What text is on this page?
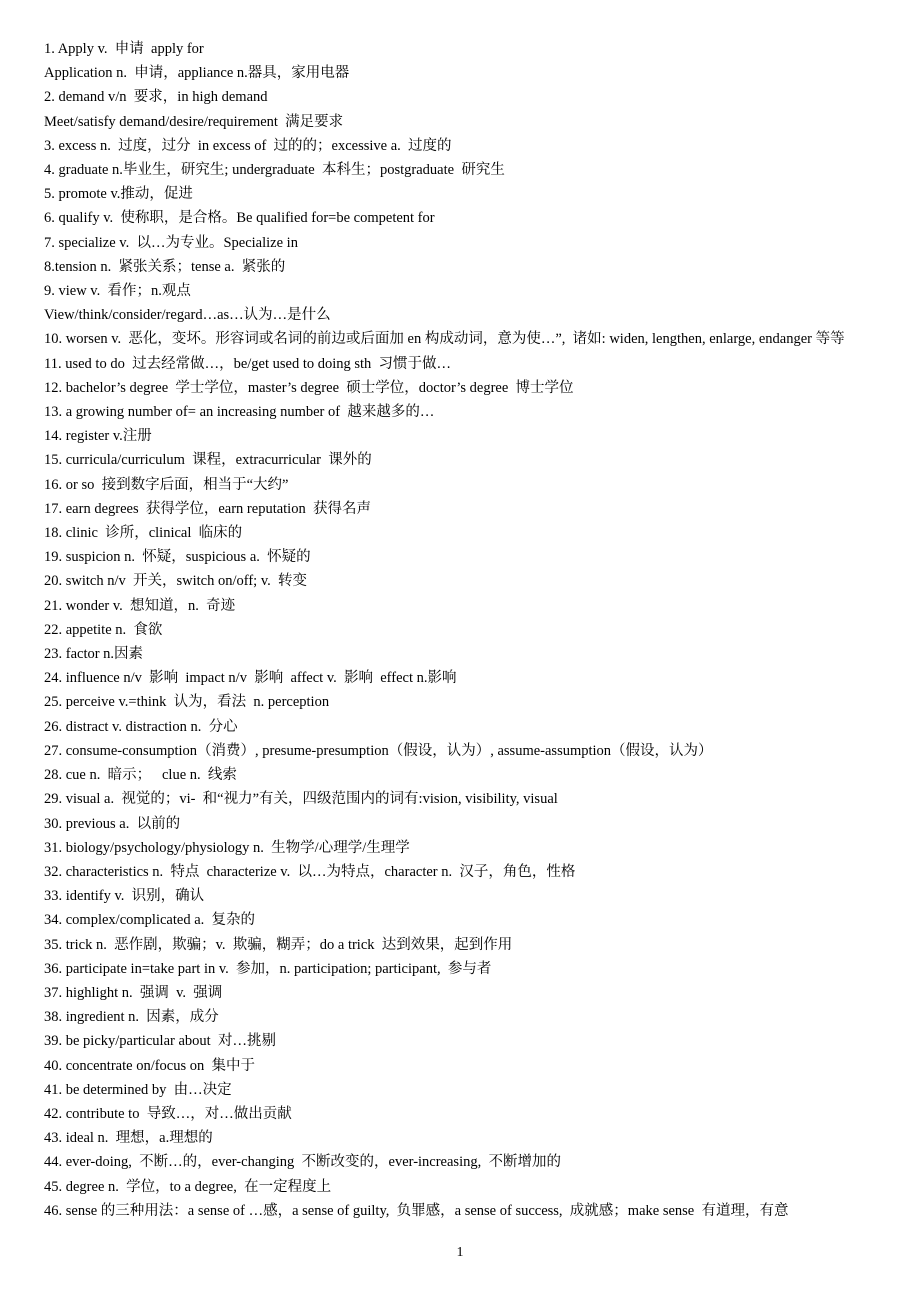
1. Apply v.  申请  apply for

Application n.  申请，appliance n.器具，家用电器

2. demand v/n  要求，in high demand

Meet/satisfy demand/desire/requirement  满足要求

3. excess n.  过度，过分  in excess of  过的的；excessive a.  过度的

4. graduate n.毕业生，研究生; undergraduate  本科生；postgraduate  研究生

5. promote v.推动，促进

6. qualify v.  使称职，是合格。Be qualified for=be competent for

7. specialize v.  以…为专业。Specialize in

8.tension n.  紧张关系；tense a.  紧张的

9. view v.  看作；n.观点

View/think/consider/regard…as…认为…是什么

10. worsen v.  恶化，变坏。形容词或名词的前边或后面加 en 构成动词，意为使…”,  诸如: widen, lengthen, enlarge, endanger 等等

11. used to do  过去经常做…，be/get used to doing sth  习惯于做…

12. bachelor’s degree  学士学位，master’s degree  硕士学位，doctor’s degree  博士学位

13. a growing number of= an increasing number of  越来越多的…

14. register v.注册

15. curricula/curriculum  课程，extracurricular  课外的

16. or so  接到数字后面，相当于“大约”

17. earn degrees  获得学位，earn reputation  获得名声

18. clinic  诊所，clinical  临床的

19. suspicion n.  怀疑，suspicious a.  怀疑的

20. switch n/v  开关，switch on/off; v.  转变

21. wonder v.  想知道，n.  奇迹

22. appetite n.  食欲

23. factor n.因素

24. influence n/v  影响  impact n/v  影响  affect v.  影响  effect n.影响

25. perceive v.=think  认为，看法  n. perception

26. distract v. distraction n.  分心

27. consume-consumption（消费）, presume-presumption（假设，认为）, assume-assumption（假设，认为）

28. cue n.  暗示；   clue n.  线索

29. visual a.  视觉的；vi-  和“视力”有关，四级范围内的词有:vision, visibility, visual

30. previous a.  以前的

31. biology/psychology/physiology n.  生物学/心理学/生理学

32. characteristics n.  特点  characterize v.  以…为特点，character n.  汉子，角色，性格

33. identify v.  识别，确认

34. complex/complicated a.  复杂的

35. trick n.  恶作剧，欺骗；v.  欺骗，糊弄；do a trick  达到效果，起到作用

36. participate in=take part in v.  参加，n. participation; participant,  参与者

37. highlight n.  强调  v.  强调

38. ingredient n.  因素，成分

39. be picky/particular about  对…挑剔

40. concentrate on/focus on  集中于

41. be determined by  由…决定

42. contribute to  导致…，对…做出贡献

43. ideal n.  理想，a.理想的

44. ever-doing,  不断…的，ever-changing  不断改变的，ever-increasing,  不断增加的

45. degree n.  学位，to a degree,  在一定程度上

46. sense 的三种用法：a sense of …感，a sense of guilty,  负罪感，a sense of success,  成就感；make sense  有道理，有意

1
